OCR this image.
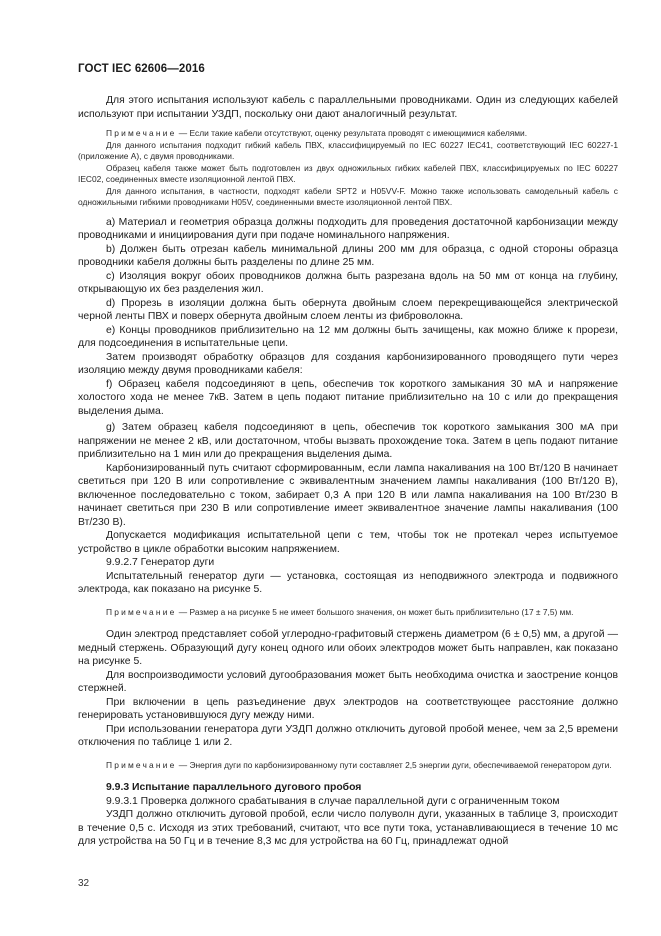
ГОСТ IEC 62606—2016

Для этого испытания используют кабель с параллельными проводниками. Один из следующих кабелей используют при испытании УЗДП, поскольку они дают аналогичный результат.

Примечание — Если такие кабели отсутствуют, оценку результата проводят с имеющимися кабелями.

Для данного испытания подходит гибкий кабель ПВХ, классифицируемый по IEC 60227 IEC41, соответствующий IEC 60227-1 (приложение А), с двумя проводниками.

Образец кабеля также может быть подготовлен из двух одножильных гибких кабелей ПВХ, классифицируемых по IEC 60227 IEC02, соединенных вместе изоляционной лентой ПВХ.

Для данного испытания, в частности, подходят кабели SPT2 и H05VV-F. Можно также использовать самодельный кабель с одножильными гибкими проводниками H05V, соединенными вместе изоляционной лентой ПВХ.

a) Материал и геометрия образца должны подходить для проведения достаточной карбонизации между проводниками и инициирования дуги при подаче номинального напряжения.

b) Должен быть отрезан кабель минимальной длины 200 мм для образца, с одной стороны образца проводники кабеля должны быть разделены по длине 25 мм.

c) Изоляция вокруг обоих проводников должна быть разрезана вдоль на 50 мм от конца на глубину, открывающую их без разделения жил.

d) Прорезь в изоляции должна быть обернута двойным слоем перекрещивающейся электрической черной ленты ПВХ и поверх обернута двойным слоем ленты из фиброволокна.

e) Концы проводников приблизительно на 12 мм должны быть зачищены, как можно ближе к прорези, для подсоединения в испытательные цепи.

Затем производят обработку образцов для создания карбонизированного проводящего пути через изоляцию между двумя проводниками кабеля:

f) Образец кабеля подсоединяют в цепь, обеспечив ток короткого замыкания 30 мА и напряжение холостого хода не менее 7кВ. Затем в цепь подают питание приблизительно на 10 с или до прекращения выделения дыма.

g) Затем образец кабеля подсоединяют в цепь, обеспечив ток короткого замыкания 300 мА при напряжении не менее 2 кВ, или достаточном, чтобы вызвать прохождение тока. Затем в цепь подают питание приблизительно на 1 мин или до прекращения выделения дыма.

Карбонизированный путь считают сформированным, если лампа накаливания на 100 Вт/120 В начинает светиться при 120 В или сопротивление с эквивалентным значением лампы накаливания (100 Вт/120 В), включенное последовательно с током, забирает 0,3 А при 120 В или лампа накаливания на 100 Вт/230 В начинает светиться при 230 В или сопротивление имеет эквивалентное значение лампы накаливания (100 Вт/230 В).

Допускается модификация испытательной цепи с тем, чтобы ток не протекал через испытуемое устройство в цикле обработки высоким напряжением.

9.9.2.7 Генератор дуги

Испытательный генератор дуги — установка, состоящая из неподвижного электрода и подвижного электрода, как показано на рисунке 5.

Примечание — Размер a на рисунке 5 не имеет большого значения, он может быть приблизительно (17 ± 7,5) мм.

Один электрод представляет собой углеродно-графитовый стержень диаметром (6 ± 0,5) мм, а другой — медный стержень. Образующий дугу конец одного или обоих электродов может быть направлен, как показано на рисунке 5.

Для воспроизводимости условий дугообразования может быть необходима очистка и заострение концов стержней.

При включении в цепь разъединение двух электродов на соответствующее расстояние должно генерировать установившуюся дугу между ними.

При использовании генератора дуги УЗДП должно отключить дуговой пробой менее, чем за 2,5 времени отключения по таблице 1 или 2.

Примечание — Энергия дуги по карбонизированному пути составляет 2,5 энергии дуги, обеспечиваемой генератором дуги.

9.9.3 Испытание параллельного дугового пробоя

9.9.3.1 Проверка должного срабатывания в случае параллельной дуги с ограниченным током

УЗДП должно отключить дуговой пробой, если число полуволн дуги, указанных в таблице 3, происходит в течение 0,5 с. Исходя из этих требований, считают, что все пути тока, устанавливающиеся в течение 10 мс для устройства на 50 Гц и в течение 8,3 мс для устройства на 60 Гц, принадлежат одной

32
